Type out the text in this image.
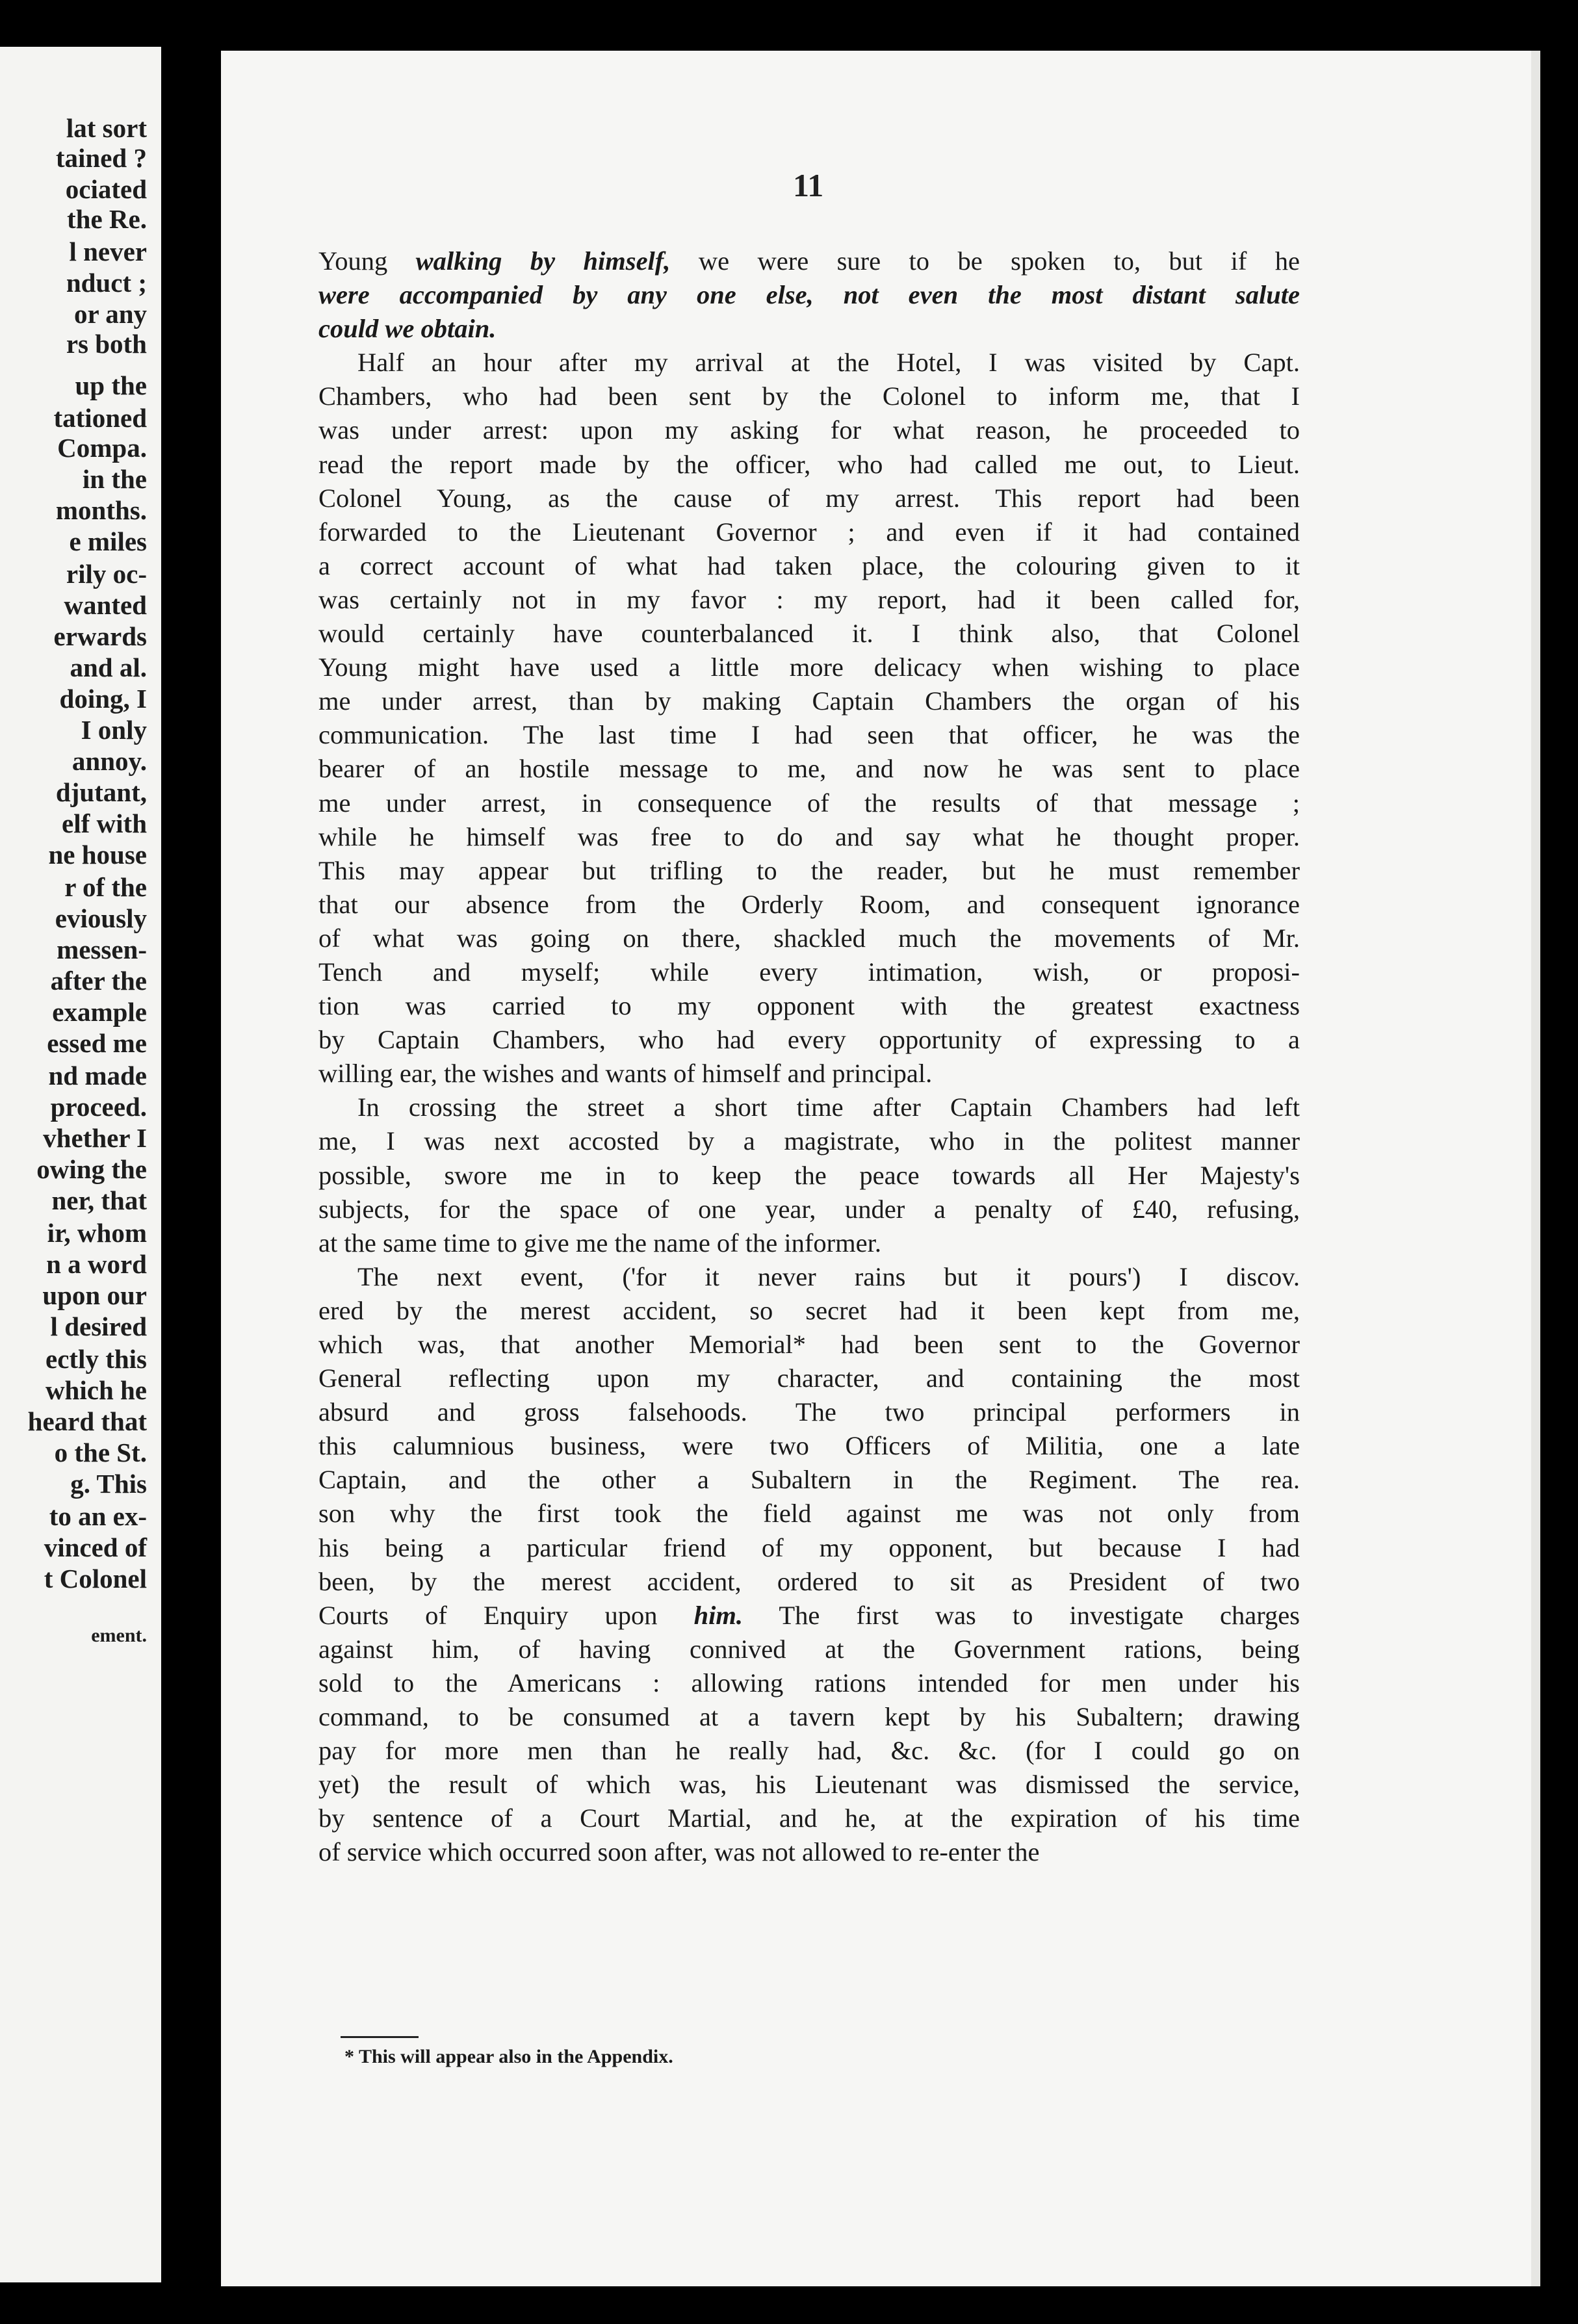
lat sort
tained ?
ociated
the Re.
l never
nduct ;
or any
rs both
up the
tationed
Compa.
in the
months.
e miles
rily oc-
wanted
erwards
and al.
doing, I
I only
annoy.
djutant,
elf with
ne house
r of the
eviously
messen-
after the
example
essed me
nd made
proceed.
vhether I
owing the
ner, that
ir, whom
n a word
upon our
l desired
ectly this
which he
heard that
o the St.
g. This
to an ex-
vinced of
t Colonel
ement.
11
Young walking by himself, we were sure to be spoken to, but if he
were accompanied by any one else, not even the most distant salute
could we obtain.
Half an hour after my arrival at the Hotel, I was visited by Capt.
Chambers, who had been sent by the Colonel to inform me, that I
was under arrest: upon my asking for what reason, he proceeded to
read the report made by the officer, who had called me out, to Lieut.
Colonel Young, as the cause of my arrest. This report had been
forwarded to the Lieutenant Governor ; and even if it had contained
a correct account of what had taken place, the colouring given to it
was certainly not in my favor : my report, had it been called for,
would certainly have counterbalanced it. I think also, that Colonel
Young might have used a little more delicacy when wishing to place
me under arrest, than by making Captain Chambers the organ of his
communication. The last time I had seen that officer, he was the
bearer of an hostile message to me, and now he was sent to place
me under arrest, in consequence of the results of that message ;
while he himself was free to do and say what he thought proper.
This may appear but trifling to the reader, but he must remember
that our absence from the Orderly Room, and consequent ignorance
of what was going on there, shackled much the movements of Mr.
Tench and myself; while every intimation, wish, or proposi-
tion was carried to my opponent with the greatest exactness
by Captain Chambers, who had every opportunity of expressing to a
willing ear, the wishes and wants of himself and principal.
In crossing the street a short time after Captain Chambers had left
me, I was next accosted by a magistrate, who in the politest manner
possible, swore me in to keep the peace towards all Her Majesty's
subjects, for the space of one year, under a penalty of £40, refusing,
at the same time to give me the name of the informer.
The next event, ('for it never rains but it pours') I discov.
ered by the merest accident, so secret had it been kept from me,
which was, that another Memorial* had been sent to the Governor
General reflecting upon my character, and containing the most
absurd and gross falsehoods. The two principal performers in
this calumnious business, were two Officers of Militia, one a late
Captain, and the other a Subaltern in the Regiment. The rea.
son why the first took the field against me was not only from
his being a particular friend of my opponent, but because I had
been, by the merest accident, ordered to sit as President of two
Courts of Enquiry upon him. The first was to investigate charges
against him, of having connived at the Government rations, being
sold to the Americans : allowing rations intended for men under his
command, to be consumed at a tavern kept by his Subaltern; drawing
pay for more men than he really had, &c. &c. (for I could go on
yet) the result of which was, his Lieutenant was dismissed the service,
by sentence of a Court Martial, and he, at the expiration of his time
of service which occurred soon after, was not allowed to re-enter the
* This will appear also in the Appendix.
